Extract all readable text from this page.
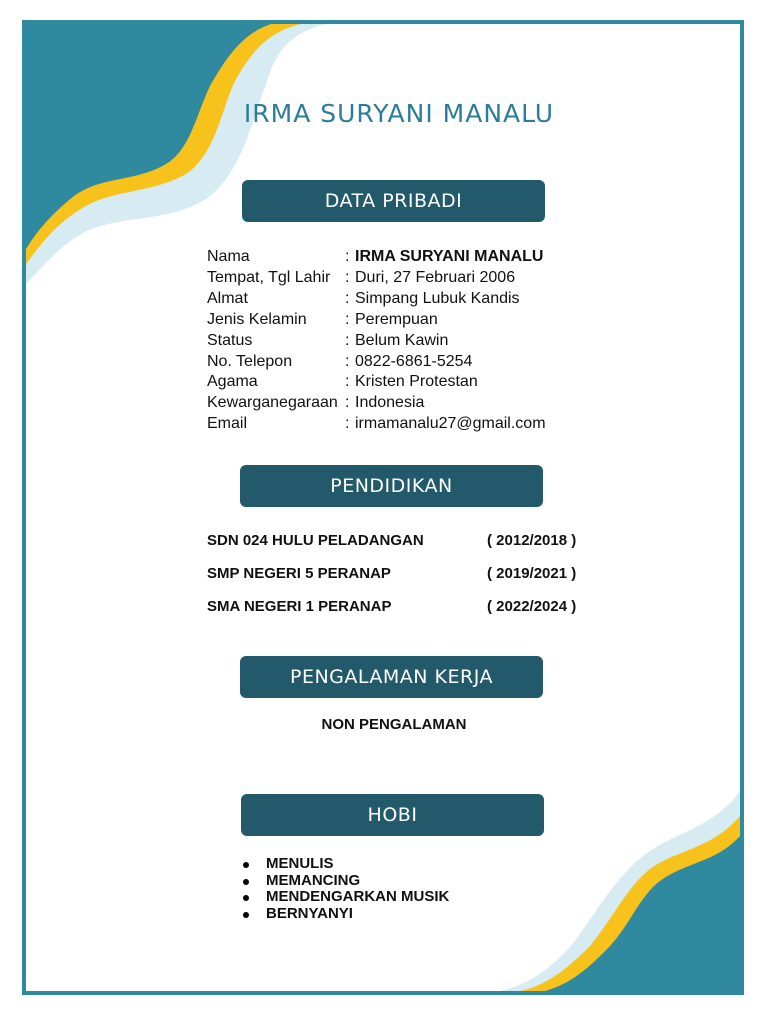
IRMA SURYANI MANALU
DATA PRIBADI
Nama	: IRMA SURYANI MANALU
Tempat, Tgl Lahir : Duri, 27 Februari 2006
Almat	: Simpang Lubuk Kandis
Jenis Kelamin	: Perempuan
Status	: Belum Kawin
No. Telepon	: 0822-6861-5254
Agama	: Kristen Protestan
Kewarganegaraan : Indonesia
Email	: irmamanalu27@gmail.com
PENDIDIKAN
SDN 024 HULU PELADANGAN	( 2012/2018 )
SMP NEGERI 5 PERANAP	( 2019/2021 )
SMA NEGERI 1 PERANAP	( 2022/2024 )
PENGALAMAN KERJA
NON PENGALAMAN
HOBI
MENULIS
MEMANCING
MENDENGARKAN MUSIK
BERNYANYI
